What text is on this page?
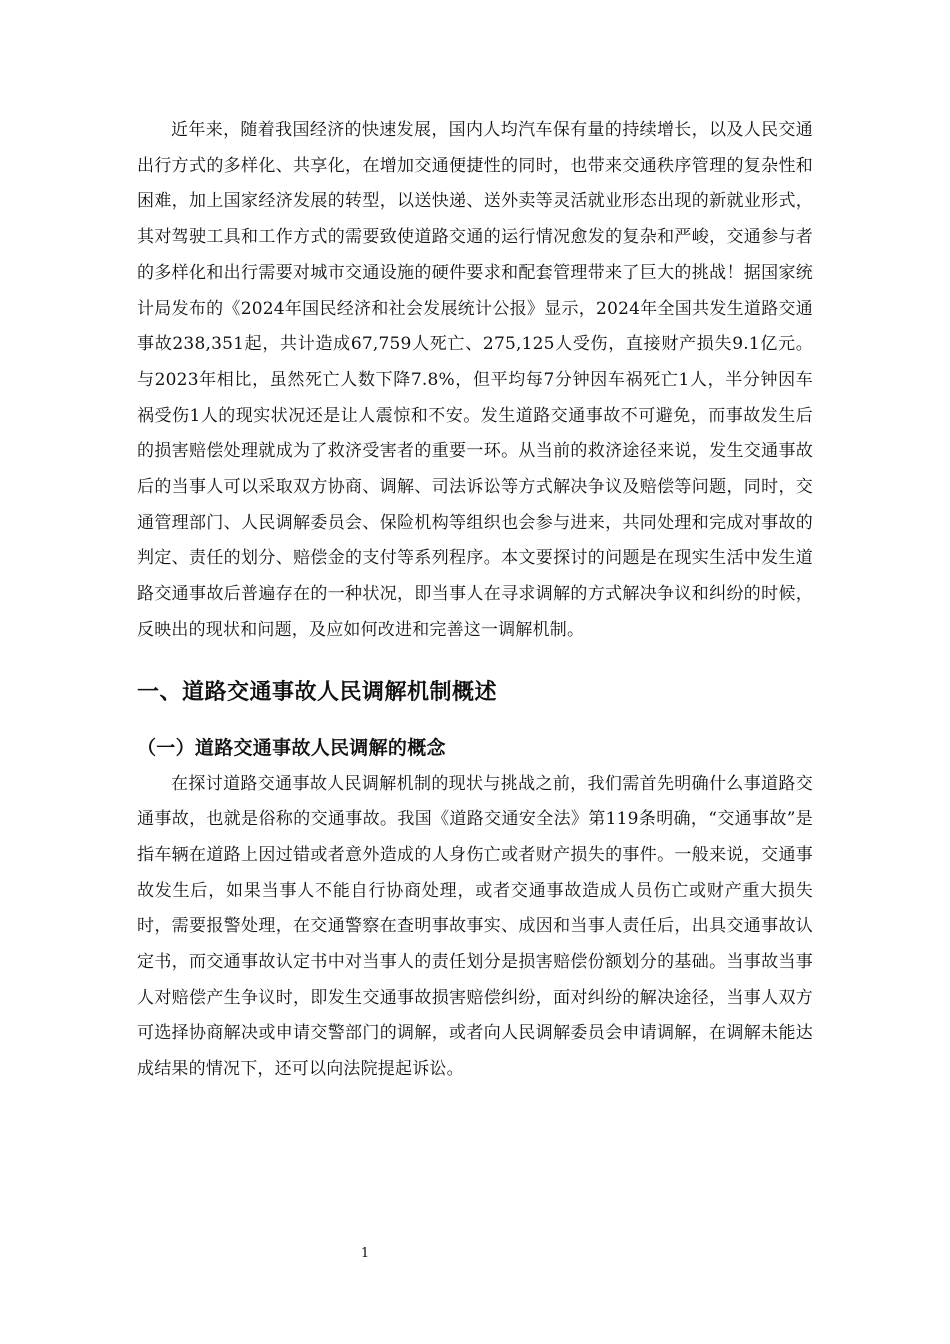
近年来，随着我国经济的快速发展，国内人均汽车保有量的持续增长，以及人民交通出行方式的多样化、共享化，在增加交通便捷性的同时，也带来交通秩序管理的复杂性和困难，加上国家经济发展的转型，以送快递、送外卖等灵活就业形态出现的新就业形式，其对驾驶工具和工作方式的需要致使道路交通的运行情况愈发的复杂和严峻，交通参与者的多样化和出行需要对城市交通设施的硬件要求和配套管理带来了巨大的挑战！据国家统计局发布的《2024年国民经济和社会发展统计公报》显示，2024年全国共发生道路交通事故238,351起，共计造成67,759人死亡、275,125人受伤，直接财产损失9.1亿元。与2023年相比，虽然死亡人数下降7.8%，但平均每7分钟因车祸死亡1人，半分钟因车祸受伤1人的现实状况还是让人震惊和不安。发生道路交通事故不可避免，而事故发生后的损害赔偿处理就成为了救济受害者的重要一环。从当前的救济途径来说，发生交通事故后的当事人可以采取双方协商、调解、司法诉讼等方式解决争议及赔偿等问题，同时，交通管理部门、人民调解委员会、保险机构等组织也会参与进来，共同处理和完成对事故的判定、责任的划分、赔偿金的支付等系列程序。本文要探讨的问题是在现实生活中发生道路交通事故后普遍存在的一种状况，即当事人在寻求调解的方式解决争议和纠纷的时候，反映出的现状和问题，及应如何改进和完善这一调解机制。

一、道路交通事故人民调解机制概述
（一）道路交通事故人民调解的概念

在探讨道路交通事故人民调解机制的现状与挑战之前，我们需首先明确什么事道路交通事故，也就是俗称的交通事故。我国《道路交通安全法》第119条明确，“交通事故”是指车辆在道路上因过错或者意外造成的人身伤亡或者财产损失的事件。一般来说，交通事故发生后，如果当事人不能自行协商处理，或者交通事故造成人员伤亡或财产重大损失时，需要报警处理，在交通警察在查明事故事实、成因和当事人责任后，出具交通事故认定书，而交通事故认定书中对当事人的责任划分是损害赔偿份额划分的基础。当事故当事人对赔偿产生争议时，即发生交通事故损害赔偿纠纷，面对纠纷的解决途径，当事人双方可选择协商解决或申请交警部门的调解，或者向人民调解委员会申请调解，在调解未能达成结果的情况下，还可以向法院提起诉讼。

1
